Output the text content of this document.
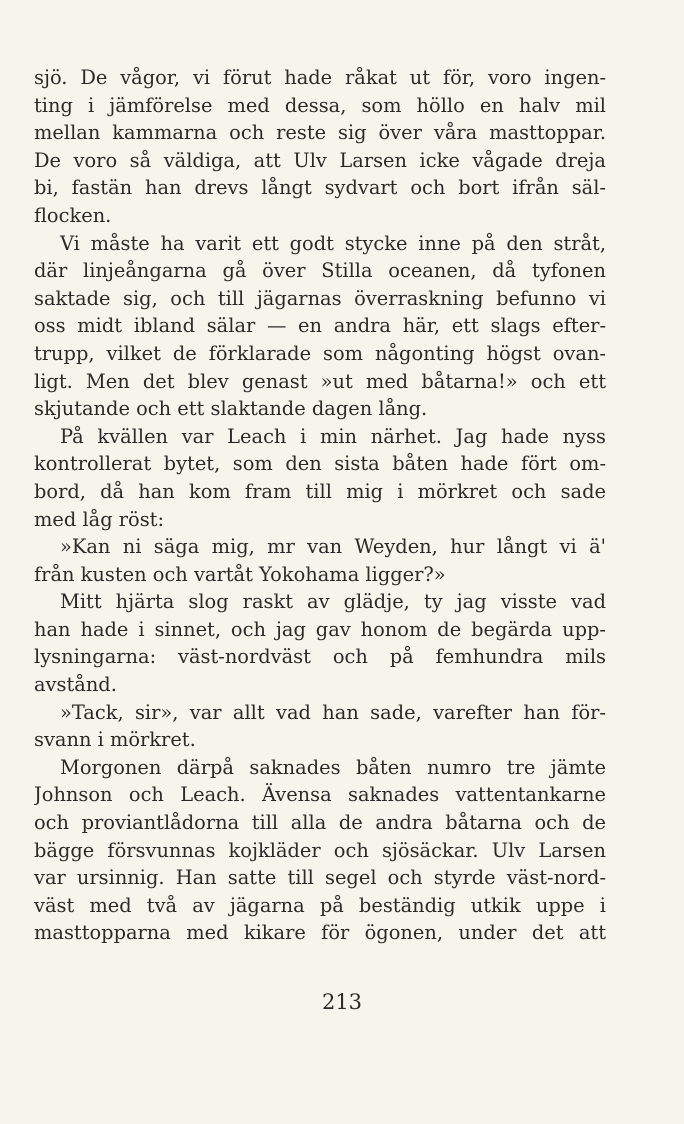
sjö. De vågor, vi förut hade råkat ut för, voro ingen-
ting i jämförelse med dessa, som höllo en halv mil
mellan kammarna och reste sig över våra masttoppar.
De voro så väldiga, att Ulv Larsen icke vågade dreja
bi, fastän han drevs långt sydvart och bort ifrån säl-
flocken.
Vi måste ha varit ett godt stycke inne på den stråt,
där linjeångarna gå över Stilla oceanen, då tyfonen
saktade sig, och till jägarnas överraskning befunno vi
oss midt ibland sälar — en andra här, ett slags efter-
trupp, vilket de förklarade som någonting högst ovan-
ligt. Men det blev genast »ut med båtarna!» och ett
skjutande och ett slaktande dagen lång.
På kvällen var Leach i min närhet. Jag hade nyss
kontrollerat bytet, som den sista båten hade fört om-
bord, då han kom fram till mig i mörkret och sade
med låg röst:
»Kan ni säga mig, mr van Weyden, hur långt vi ä'
från kusten och vartåt Yokohama ligger?»
Mitt hjärta slog raskt av glädje, ty jag visste vad
han hade i sinnet, och jag gav honom de begärda upp-
lysningarna: väst-nordväst och på femhundra mils
avstånd.
»Tack, sir», var allt vad han sade, varefter han för-
svann i mörkret.
Morgonen därpå saknades båten numro tre jämte
Johnson och Leach. Ävensa saknades vattentankarne
och proviantlådorna till alla de andra båtarna och de
bägge försvunnas kojkläder och sjösäckar. Ulv Larsen
var ursinnig. Han satte till segel och styrde väst-nord-
väst med två av jägarna på beständig utkik uppe i
masttopparna med kikare för ögonen, under det att
213
